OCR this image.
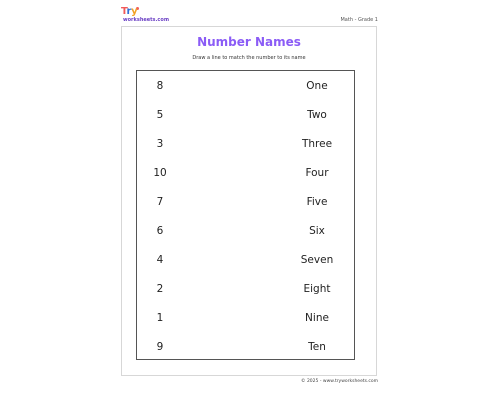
Try
worksheets.com	Math - Grade 1
Number Names
Draw a line to match the number to its name
8	One
5	Two
3	Three
10	Four
7	Five
6	Six
4	Seven
2	Eight
1	Nine
9	Ten
© 2025 - www.tryworksheets.com
